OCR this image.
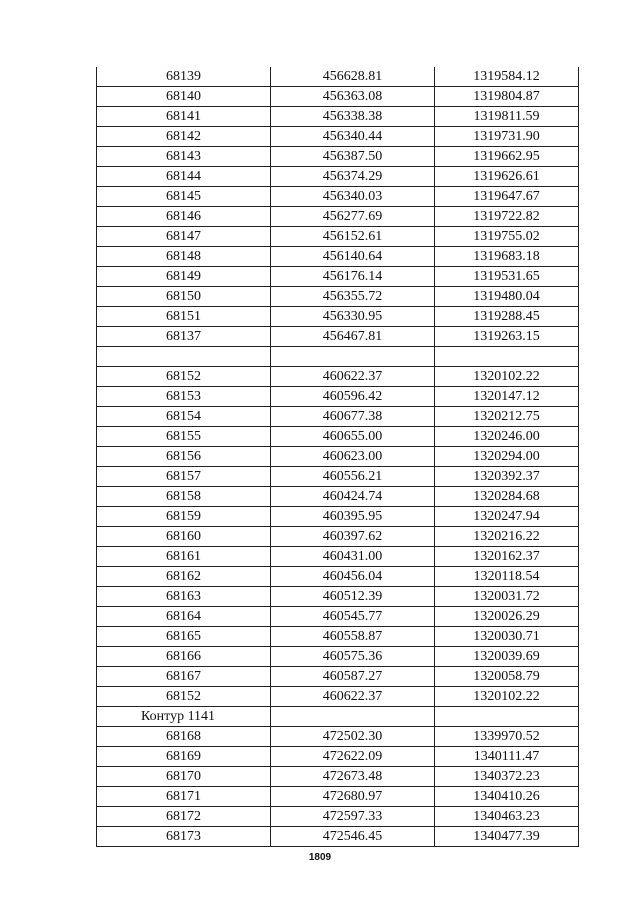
68139	456628.81	1319584.12
68140	456363.08	1319804.87
68141	456338.38	1319811.59
68142	456340.44	1319731.90
68143	456387.50	1319662.95
68144	456374.29	1319626.61
68145	456340.03	1319647.67
68146	456277.69	1319722.82
68147	456152.61	1319755.02
68148	456140.64	1319683.18
68149	456176.14	1319531.65
68150	456355.72	1319480.04
68151	456330.95	1319288.45
68137	456467.81	1319263.15

68152	460622.37	1320102.22
68153	460596.42	1320147.12
68154	460677.38	1320212.75
68155	460655.00	1320246.00
68156	460623.00	1320294.00
68157	460556.21	1320392.37
68158	460424.74	1320284.68
68159	460395.95	1320247.94
68160	460397.62	1320216.22
68161	460431.00	1320162.37
68162	460456.04	1320118.54
68163	460512.39	1320031.72
68164	460545.77	1320026.29
68165	460558.87	1320030.71
68166	460575.36	1320039.69
68167	460587.27	1320058.79
68152	460622.37	1320102.22
Контур 1141		
68168	472502.30	1339970.52
68169	472622.09	1340111.47
68170	472673.48	1340372.23
68171	472680.97	1340410.26
68172	472597.33	1340463.23
68173	472546.45	1340477.39
1809
